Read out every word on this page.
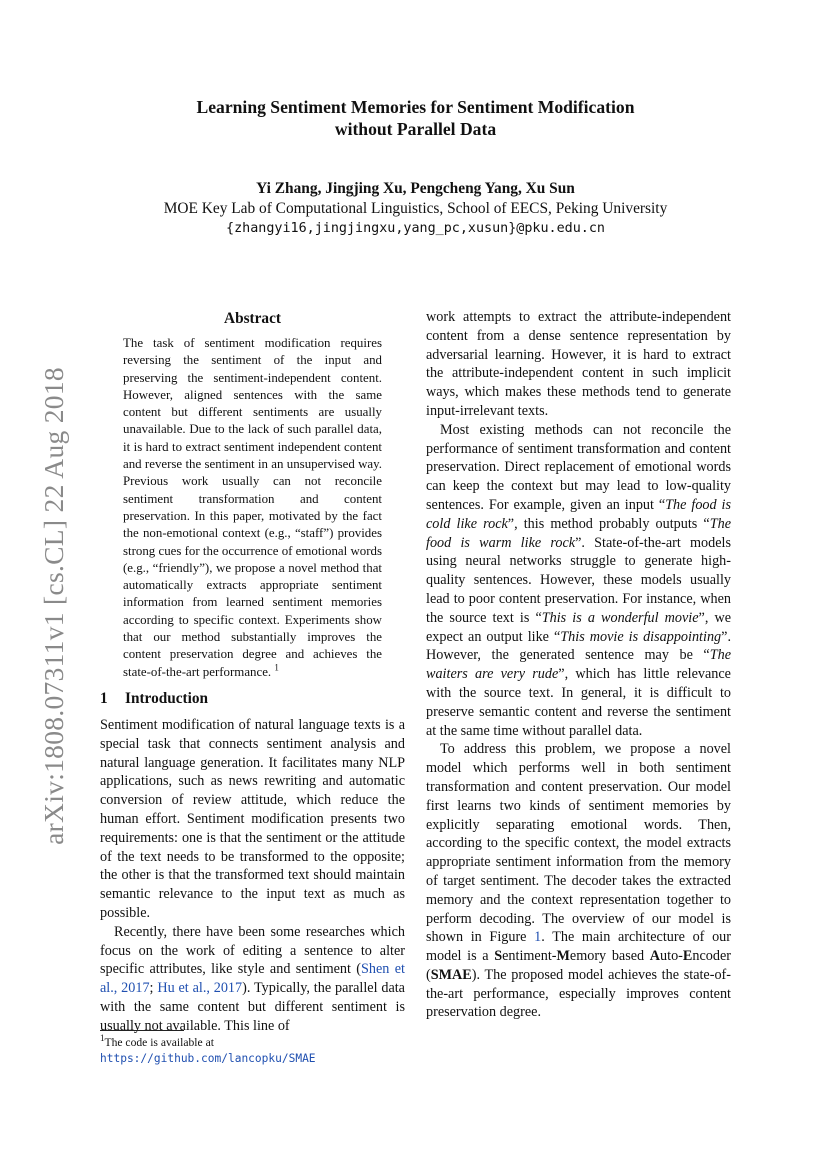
arXiv:1808.07311v1 [cs.CL] 22 Aug 2018
Learning Sentiment Memories for Sentiment Modification
without Parallel Data
Yi Zhang, Jingjing Xu, Pengcheng Yang, Xu Sun
MOE Key Lab of Computational Linguistics, School of EECS, Peking University
{zhangyi16,jingjingxu,yang_pc,xusun}@pku.edu.cn
Abstract
The task of sentiment modification requires reversing the sentiment of the input and preserving the sentiment-independent content. However, aligned sentences with the same content but different sentiments are usually unavailable. Due to the lack of such parallel data, it is hard to extract sentiment independent content and reverse the sentiment in an unsupervised way. Previous work usually can not reconcile sentiment transformation and content preservation. In this paper, motivated by the fact the non-emotional context (e.g., “staff”) provides strong cues for the occurrence of emotional words (e.g., “friendly”), we propose a novel method that automatically extracts appropriate sentiment information from learned sentiment memories according to specific context. Experiments show that our method substantially improves the content preservation degree and achieves the state-of-the-art performance. $^1$
1 Introduction

Sentiment modification of natural language texts is a special task that connects sentiment analysis and natural language generation. It facilitates many NLP applications, such as news rewriting and automatic conversion of review attitude, which reduce the human effort. Sentiment modification presents two requirements: one is that the sentiment or the attitude of the text needs to be transformed to the opposite; the other is that the transformed text should maintain semantic relevance to the input text as much as possible.

Recently, there have been some researches which focus on the work of editing a sentence to alter specific attributes, like style and sentiment (Shen et al., 2017; Hu et al., 2017). Typically, the parallel data with the same content but different sentiment is usually not available. This line of

work attempts to extract the attribute-independent content from a dense sentence representation by adversarial learning. However, it is hard to extract the attribute-independent content in such implicit ways, which makes these methods tend to generate input-irrelevant texts.

Most existing methods can not reconcile the performance of sentiment transformation and content preservation. Direct replacement of emotional words can keep the context but may lead to low-quality sentences. For example, given an input “The food is cold like rock”, this method probably outputs “The food is warm like rock”. State-of-the-art models using neural networks struggle to generate high-quality sentences. However, these models usually lead to poor content preservation. For instance, when the source text is “This is a wonderful movie”, we expect an output like “This movie is disappointing”. However, the generated sentence may be “The waiters are very rude”, which has little relevance with the source text. In general, it is difficult to preserve semantic content and reverse the sentiment at the same time without parallel data.

To address this problem, we propose a novel model which performs well in both sentiment transformation and content preservation. Our model first learns two kinds of sentiment memories by explicitly separating emotional words. Then, according to the specific context, the model extracts appropriate sentiment information from the memory of target sentiment. The decoder takes the extracted memory and the context representation together to perform decoding. The overview of our model is shown in Figure 1. The main architecture of our model is a Sentiment-Memory based Auto-Encoder (SMAE). The proposed model achieves the state-of-the-art performance, especially improves content preservation degree.

$^1$The code is available at https://github.com/lancopku/SMAE
